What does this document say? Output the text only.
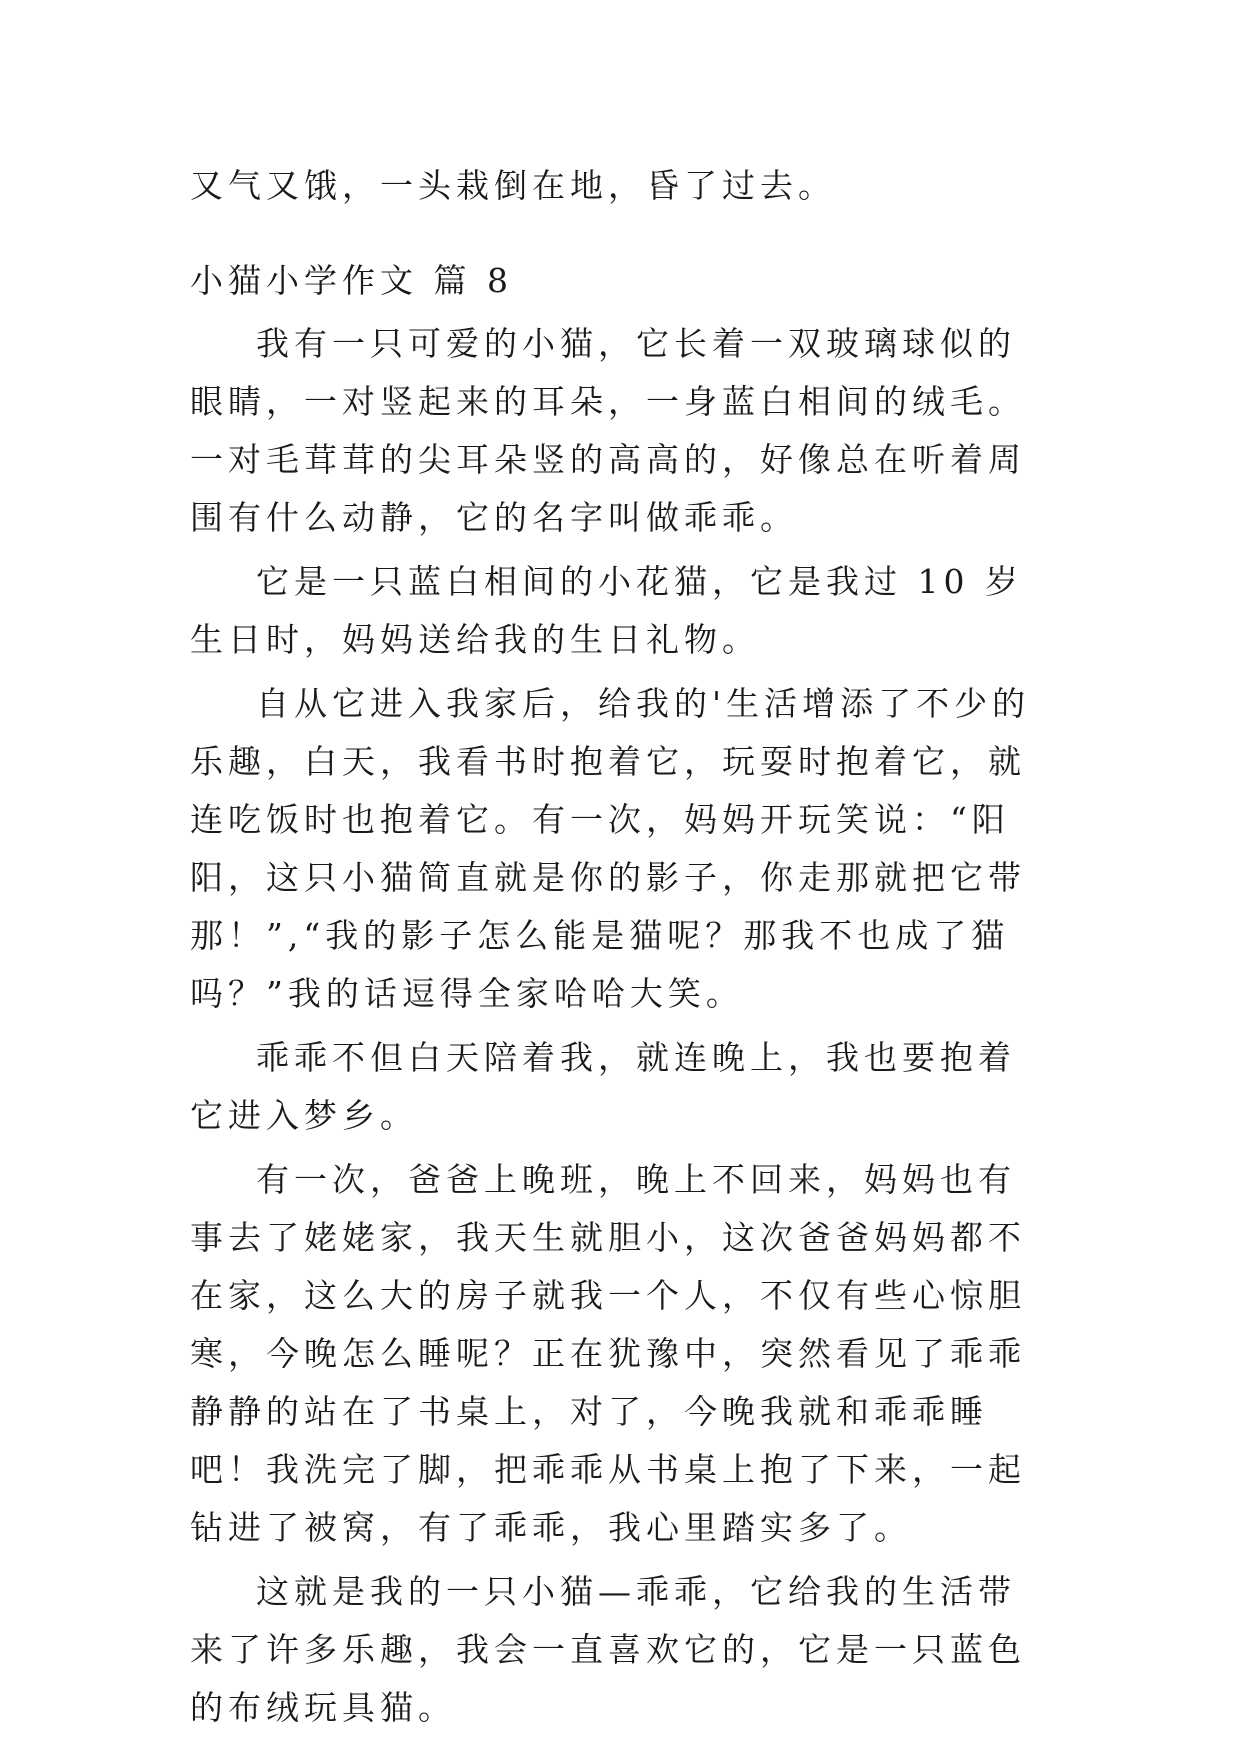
又气又饿，一头栽倒在地，昏了过去。

小猫小学作文 篇 8

我有一只可爱的小猫，它长着一双玻璃球似的眼睛，一对竖起来的耳朵，一身蓝白相间的绒毛。一对毛茸茸的尖耳朵竖的高高的，好像总在听着周围有什么动静，它的名字叫做乖乖。

它是一只蓝白相间的小花猫，它是我过 10 岁生日时，妈妈送给我的生日礼物。

自从它进入我家后，给我的'生活增添了不少的乐趣，白天，我看书时抱着它，玩耍时抱着它，就连吃饭时也抱着它。有一次，妈妈开玩笑说：“阳阳，这只小猫简直就是你的影子，你走那就把它带那！”,“我的影子怎么能是猫呢？那我不也成了猫吗？”我的话逗得全家哈哈大笑。

乖乖不但白天陪着我，就连晚上，我也要抱着它进入梦乡。

有一次，爸爸上晚班，晚上不回来，妈妈也有事去了姥姥家，我天生就胆小，这次爸爸妈妈都不在家，这么大的房子就我一个人，不仅有些心惊胆寒，今晚怎么睡呢？正在犹豫中，突然看见了乖乖静静的站在了书桌上，对了，今晚我就和乖乖睡吧！我洗完了脚，把乖乖从书桌上抱了下来，一起钻进了被窝，有了乖乖，我心里踏实多了。

这就是我的一只小猫—乖乖，它给我的生活带来了许多乐趣，我会一直喜欢它的，它是一只蓝色的布绒玩具猫。
